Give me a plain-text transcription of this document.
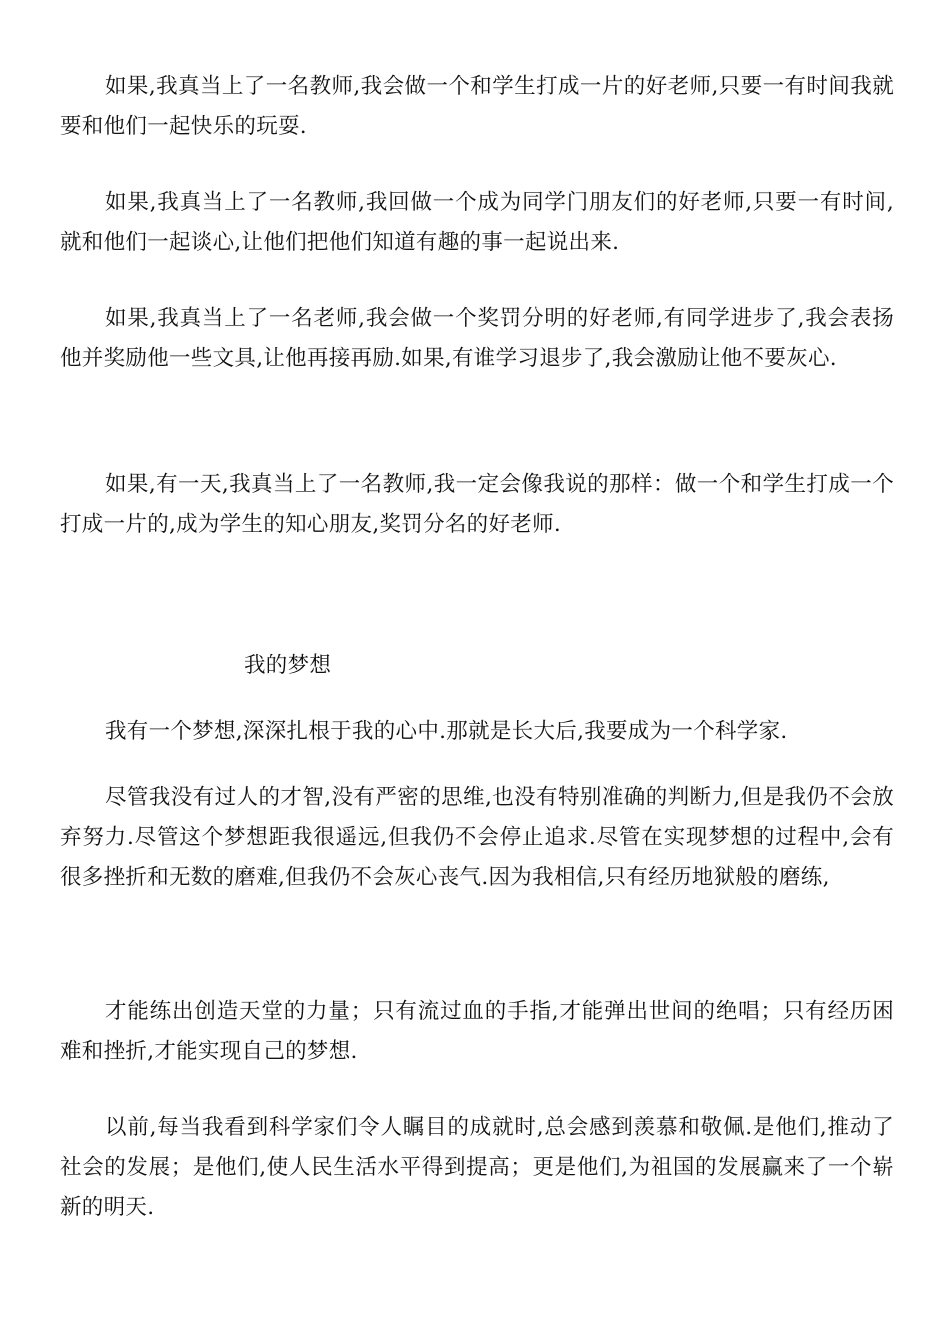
如果,我真当上了一名教师,我会做一个和学生打成一片的好老师,只要一有时间我就要和他们一起快乐的玩耍.

如果,我真当上了一名教师,我回做一个成为同学门朋友们的好老师,只要一有时间,就和他们一起谈心,让他们把他们知道有趣的事一起说出来.

如果,我真当上了一名老师,我会做一个奖罚分明的好老师,有同学进步了,我会表扬他并奖励他一些文具,让他再接再励.如果,有谁学习退步了,我会激励让他不要灰心.

如果,有一天,我真当上了一名教师,我一定会像我说的那样：做一个和学生打成一个打成一片的,成为学生的知心朋友,奖罚分名的好老师.

我的梦想

我有一个梦想,深深扎根于我的心中.那就是长大后,我要成为一个科学家.

尽管我没有过人的才智,没有严密的思维,也没有特别准确的判断力,但是我仍不会放弃努力.尽管这个梦想距我很遥远,但我仍不会停止追求.尽管在实现梦想的过程中,会有很多挫折和无数的磨难,但我仍不会灰心丧气.因为我相信,只有经历地狱般的磨练,

才能练出创造天堂的力量；只有流过血的手指,才能弹出世间的绝唱；只有经历困难和挫折,才能实现自己的梦想.

以前,每当我看到科学家们令人瞩目的成就时,总会感到羡慕和敬佩.是他们,推动了社会的发展；是他们,使人民生活水平得到提高；更是他们,为祖国的发展赢来了一个崭新的明天.
